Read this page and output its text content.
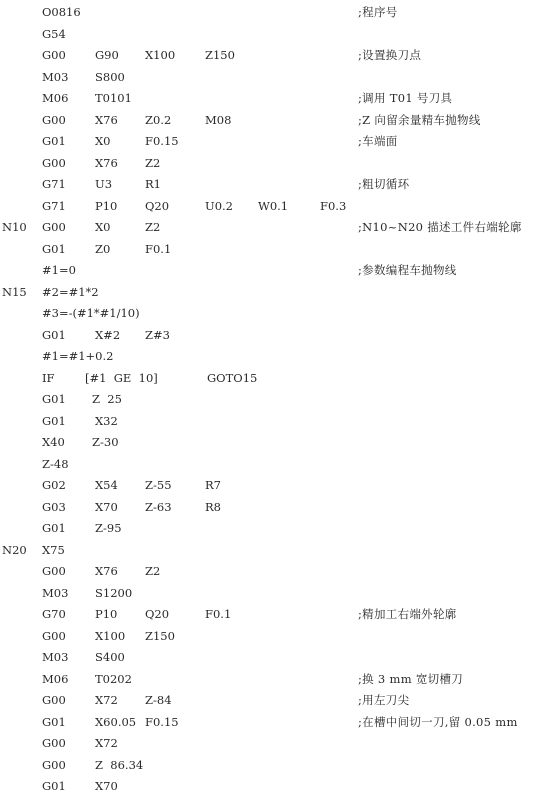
O0816	;程序号
G54
G00	G90 X100	Z150	;设置换刀点
M03 S800
M06 T0101	;调用 T01 号刀具
G00	X76 Z0.2	M08	;Z 向留余量精车抛物线
G01	X0	F0.15	;车端面
G00	X76 Z2
G71	U3	R1	;粗切循环
G71	P10 Q20	U0.2 W0.1	F0.3
N10 G00	X0	Z2	;N10~N20 描述工件右端轮廓
G01	Z0	F0.1
#1=0	;参数编程车抛物线
N15 #2=#1*2
#3=-(#1*#1/10)
G01	X#2 Z#3
#1=#1+0.2
IF	[#1  GE  10]	GOTO15
G01 Z  25
G01	X32
X40 Z-30
Z-48
G02	X54 Z-55	R7
G03	X70 Z-63	R8
G01	Z-95
N20 X75
G00	X76 Z2
M03 S1200
G70	P10 Q20	F0.1	;精加工右端外轮廓
G00	X100 Z150
M03 S400
M06 T0202	;换 3 mm 宽切槽刀
G00	X72 Z-84	;用左刀尖
G01	X60.05 F0.15	;在槽中间切一刀,留 0.05 mm
G00	X72
G00	Z  86.34
G01	X70
